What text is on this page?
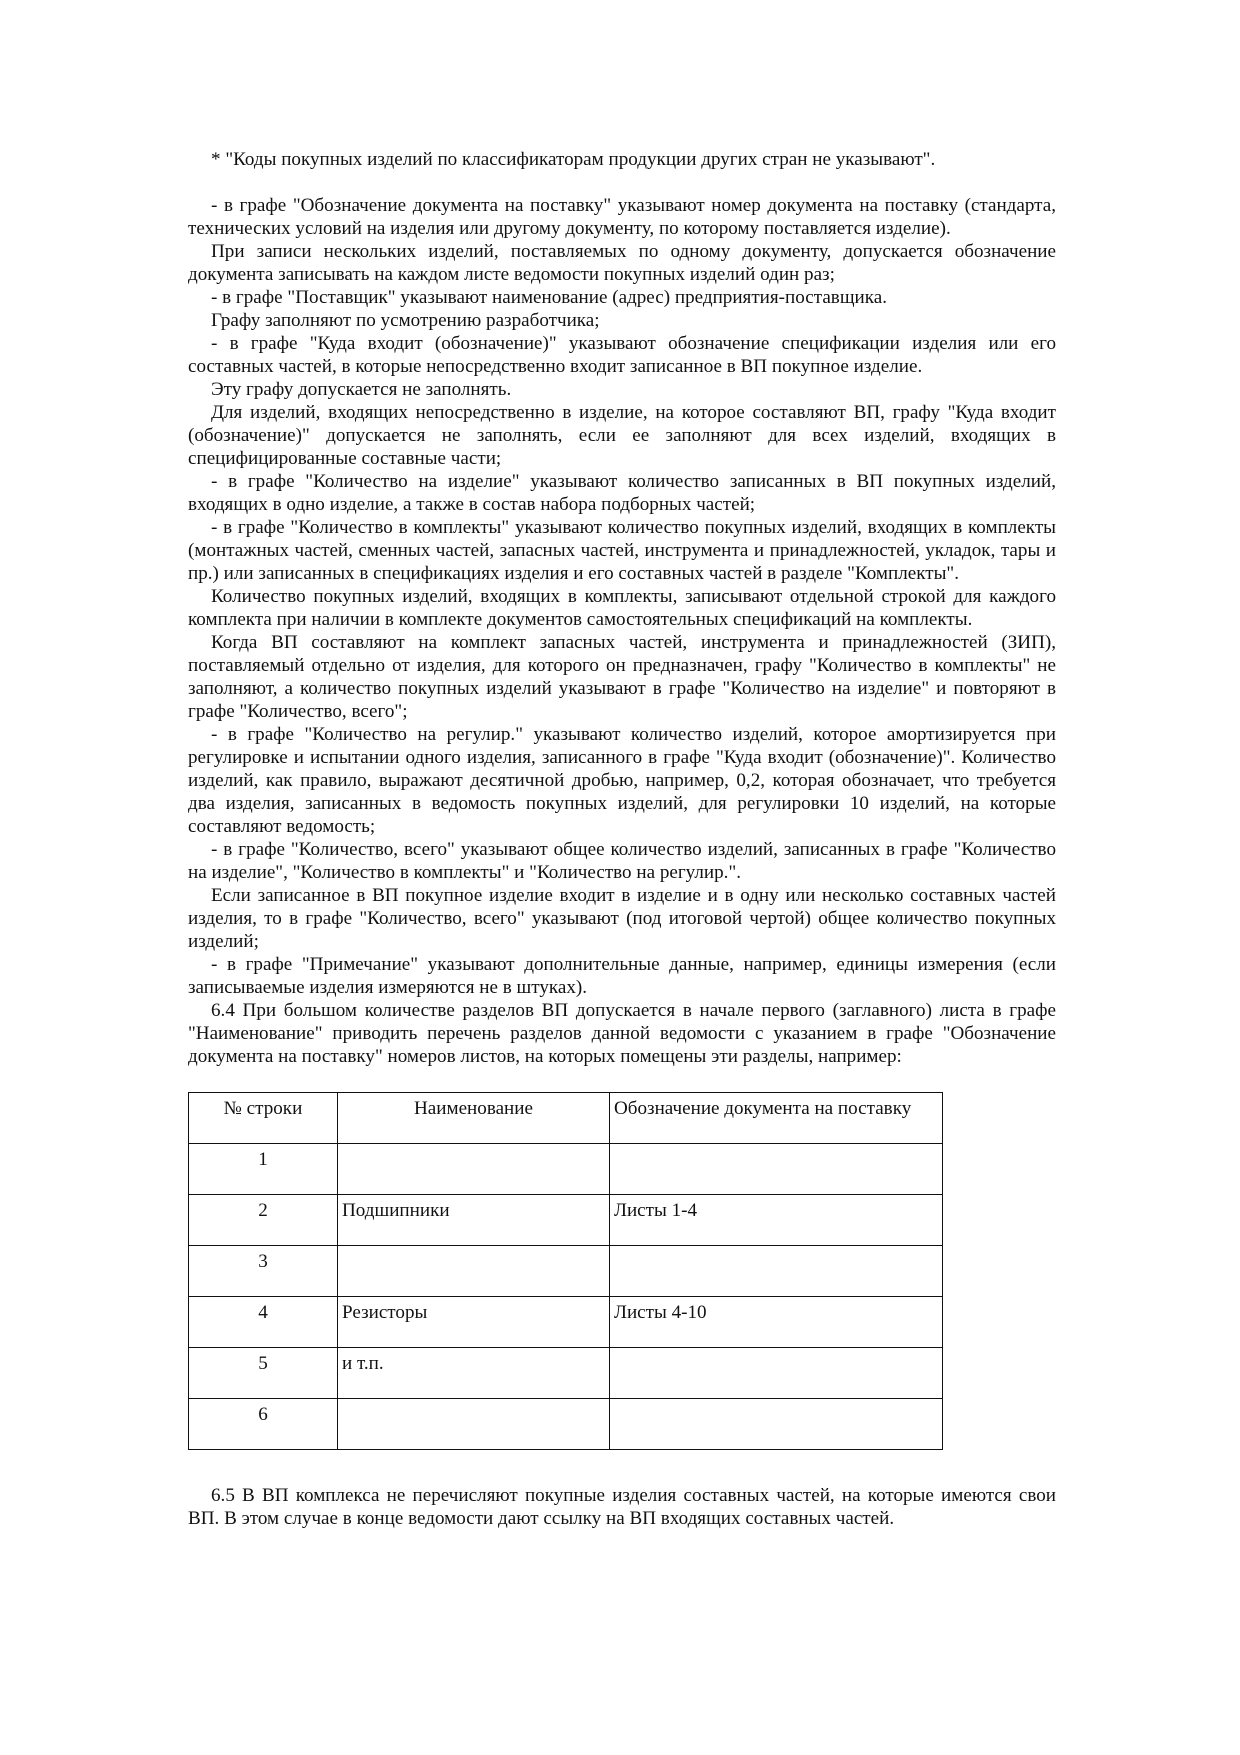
* "Коды покупных изделий по классификаторам продукции других стран не указывают".

- в графе "Обозначение документа на поставку" указывают номер документа на поставку (стандарта, технических условий на изделия или другому документу, по которому поставляется изделие).

При записи нескольких изделий, поставляемых по одному документу, допускается обозначение документа записывать на каждом листе ведомости покупных изделий один раз;

- в графе "Поставщик" указывают наименование (адрес) предприятия-поставщика.

Графу заполняют по усмотрению разработчика;

- в графе "Куда входит (обозначение)" указывают обозначение спецификации изделия или его составных частей, в которые непосредственно входит записанное в ВП покупное изделие.

Эту графу допускается не заполнять.

Для изделий, входящих непосредственно в изделие, на которое составляют ВП, графу "Куда входит (обозначение)" допускается не заполнять, если ее заполняют для всех изделий, входящих в специфицированные составные части;

- в графе "Количество на изделие" указывают количество записанных в ВП покупных изделий, входящих в одно изделие, а также в состав набора подборных частей;

- в графе "Количество в комплекты" указывают количество покупных изделий, входящих в комплекты (монтажных частей, сменных частей, запасных частей, инструмента и принадлежностей, укладок, тары и пр.) или записанных в спецификациях изделия и его составных частей в разделе "Комплекты".

Количество покупных изделий, входящих в комплекты, записывают отдельной строкой для каждого комплекта при наличии в комплекте документов самостоятельных спецификаций на комплекты.

Когда ВП составляют на комплект запасных частей, инструмента и принадлежностей (ЗИП), поставляемый отдельно от изделия, для которого он предназначен, графу "Количество в комплекты" не заполняют, а количество покупных изделий указывают в графе "Количество на изделие" и повторяют в графе "Количество, всего";

- в графе "Количество на регулир." указывают количество изделий, которое амортизируется при регулировке и испытании одного изделия, записанного в графе "Куда входит (обозначение)". Количество изделий, как правило, выражают десятичной дробью, например, 0,2, которая обозначает, что требуется два изделия, записанных в ведомость покупных изделий, для регулировки 10 изделий, на которые составляют ведомость;

- в графе "Количество, всего" указывают общее количество изделий, записанных в графе "Количество на изделие", "Количество в комплекты" и "Количество на регулир.".

Если записанное в ВП покупное изделие входит в изделие и в одну или несколько составных частей изделия, то в графе "Количество, всего" указывают (под итоговой чертой) общее количество покупных изделий;

- в графе "Примечание" указывают дополнительные данные, например, единицы измерения (если записываемые изделия измеряются не в штуках).

6.4 При большом количестве разделов ВП допускается в начале первого (заглавного) листа в графе "Наименование" приводить перечень разделов данной ведомости с указанием в графе "Обозначение документа на поставку" номеров листов, на которых помещены эти разделы, например:

№ строки	Наименование	Обозначение документа на поставку
1		
2	Подшипники	Листы 1-4
3		
4	Резисторы	Листы 4-10
5	и т.п.	
6		

6.5 В ВП комплекса не перечисляют покупные изделия составных частей, на которые имеются свои ВП. В этом случае в конце ведомости дают ссылку на ВП входящих составных частей.
